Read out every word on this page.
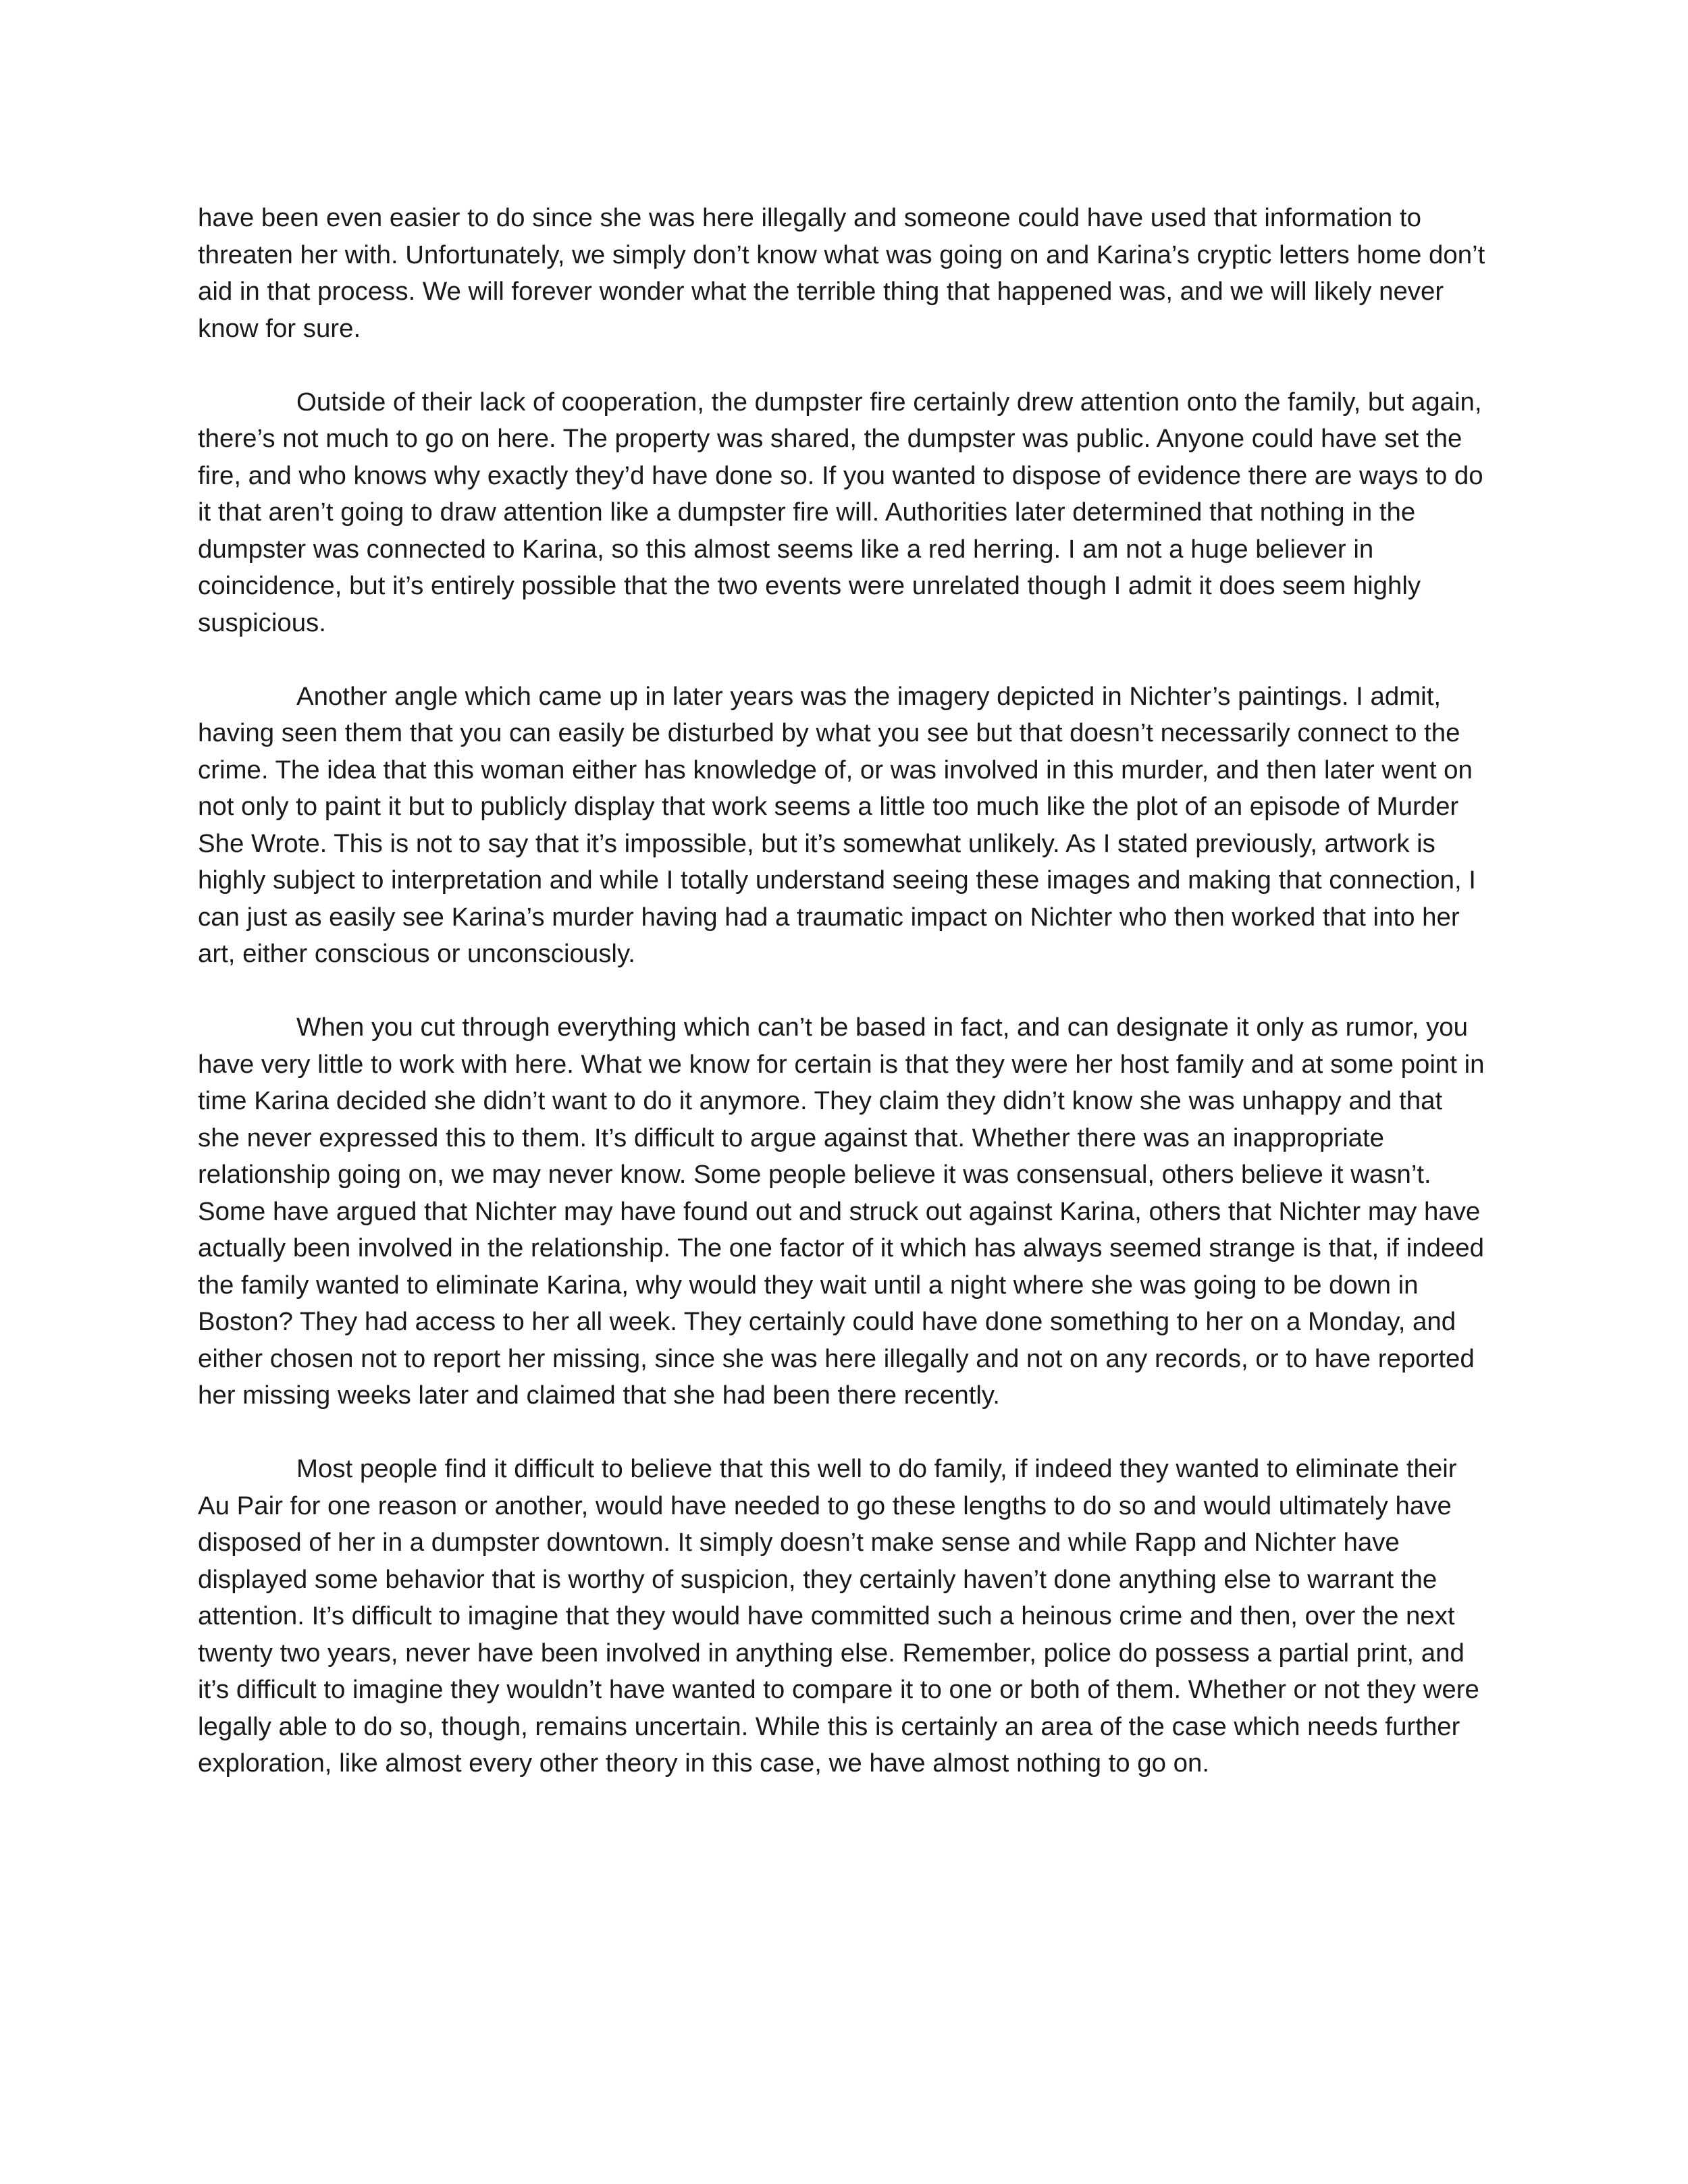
have been even easier to do since she was here illegally and someone could have used that information to threaten her with. Unfortunately, we simply don’t know what was going on and Karina’s cryptic letters home don’t aid in that process. We will forever wonder what the terrible thing that happened was, and we will likely never know for sure.

Outside of their lack of cooperation, the dumpster fire certainly drew attention onto the family, but again, there’s not much to go on here. The property was shared, the dumpster was public. Anyone could have set the fire, and who knows why exactly they’d have done so. If you wanted to dispose of evidence there are ways to do it that aren’t going to draw attention like a dumpster fire will. Authorities later determined that nothing in the dumpster was connected to Karina, so this almost seems like a red herring. I am not a huge believer in coincidence, but it’s entirely possible that the two events were unrelated though I admit it does seem highly suspicious.

Another angle which came up in later years was the imagery depicted in Nichter’s paintings. I admit, having seen them that you can easily be disturbed by what you see but that doesn’t necessarily connect to the crime. The idea that this woman either has knowledge of, or was involved in this murder, and then later went on not only to paint it but to publicly display that work seems a little too much like the plot of an episode of Murder She Wrote. This is not to say that it’s impossible, but it’s somewhat unlikely. As I stated previously, artwork is highly subject to interpretation and while I totally understand seeing these images and making that connection, I can just as easily see Karina’s murder having had a traumatic impact on Nichter who then worked that into her art, either conscious or unconsciously.

When you cut through everything which can’t be based in fact, and can designate it only as rumor, you have very little to work with here. What we know for certain is that they were her host family and at some point in time Karina decided she didn’t want to do it anymore. They claim they didn’t know she was unhappy and that she never expressed this to them. It’s difficult to argue against that. Whether there was an inappropriate relationship going on, we may never know. Some people believe it was consensual, others believe it wasn’t. Some have argued that Nichter may have found out and struck out against Karina, others that Nichter may have actually been involved in the relationship. The one factor of it which has always seemed strange is that, if indeed the family wanted to eliminate Karina, why would they wait until a night where she was going to be down in Boston? They had access to her all week. They certainly could have done something to her on a Monday, and either chosen not to report her missing, since she was here illegally and not on any records, or to have reported her missing weeks later and claimed that she had been there recently.

Most people find it difficult to believe that this well to do family, if indeed they wanted to eliminate their Au Pair for one reason or another, would have needed to go these lengths to do so and would ultimately have disposed of her in a dumpster downtown. It simply doesn’t make sense and while Rapp and Nichter have displayed some behavior that is worthy of suspicion, they certainly haven’t done anything else to warrant the attention. It’s difficult to imagine that they would have committed such a heinous crime and then, over the next twenty two years, never have been involved in anything else. Remember, police do possess a partial print, and it’s difficult to imagine they wouldn’t have wanted to compare it to one or both of them. Whether or not they were legally able to do so, though, remains uncertain. While this is certainly an area of the case which needs further exploration, like almost every other theory in this case, we have almost nothing to go on.
